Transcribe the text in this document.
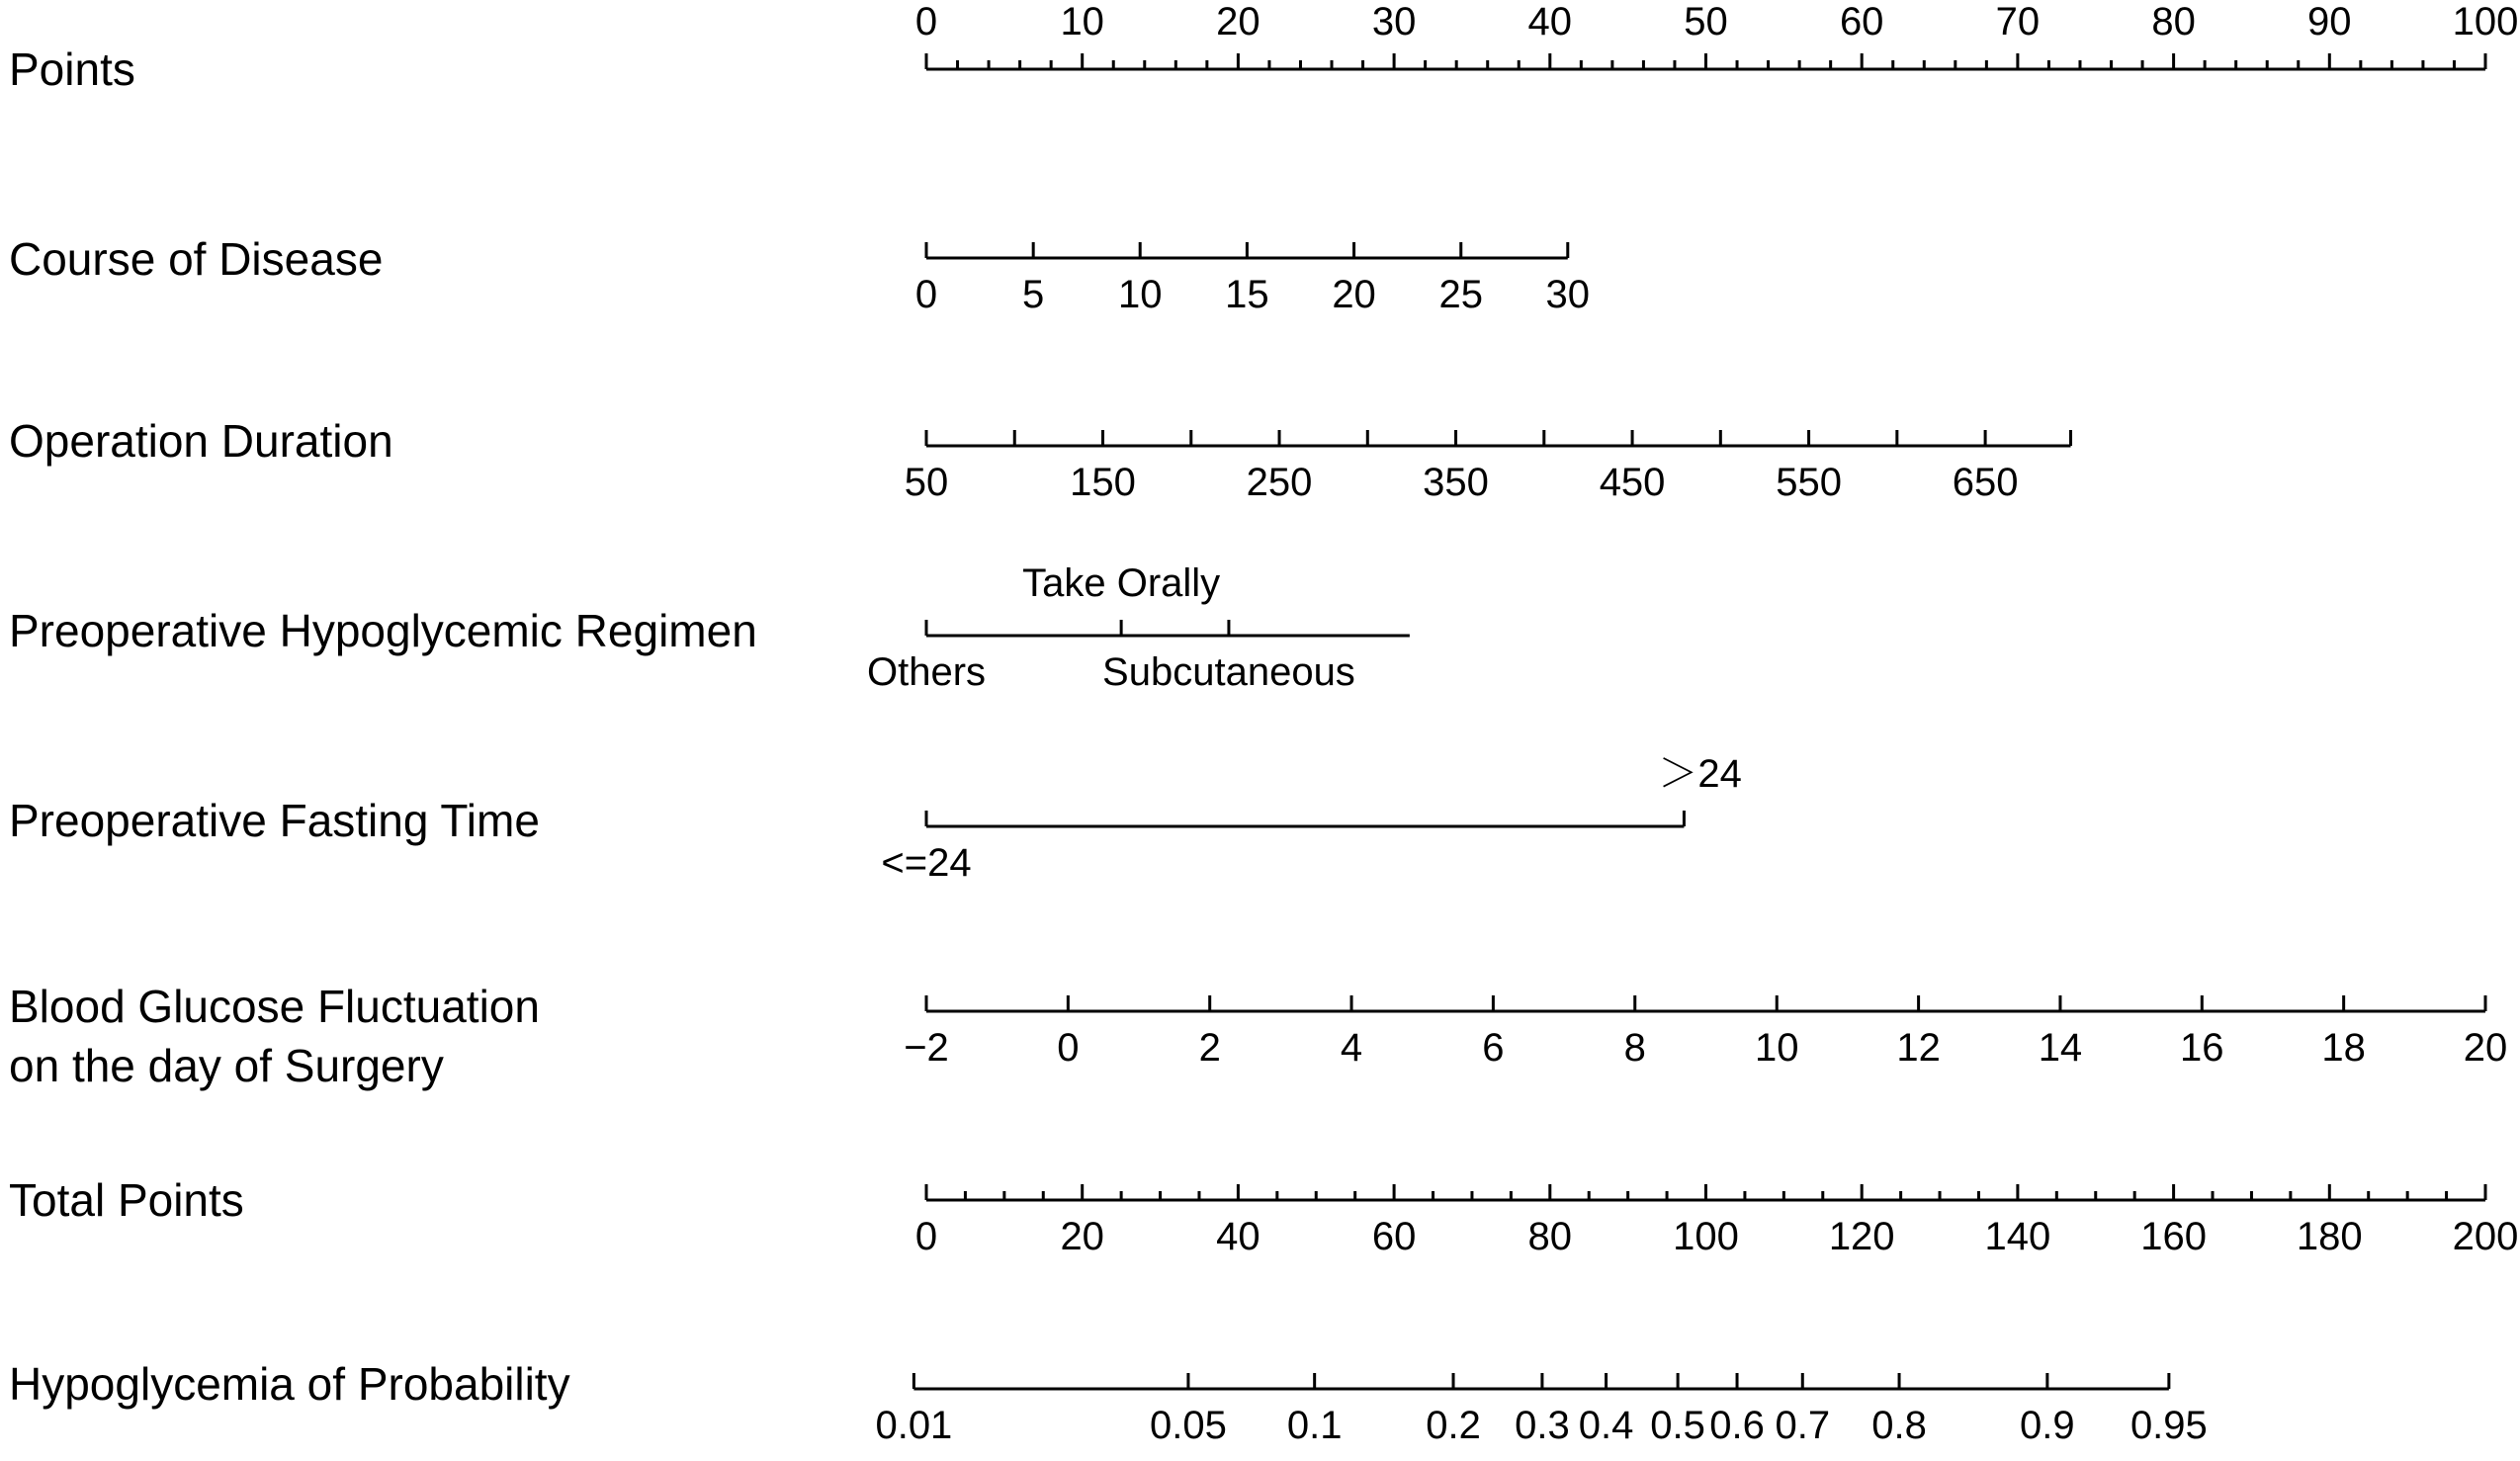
Points
0	10	20	30	40	50	60	70	80	90	100
Course of Disease
0 5 10 15 20 25 30
Operation Duration
50	150	250	350	450	550	650
Preoperative Hypoglycemic Regimen
Others
Take Orally
Subcutaneous
Preoperative Fasting Time
<=24
＞24
Blood Glucose Fluctuation
on the day of Surgery	−2	0	2	4	6	8	10 12 14 16 18 20
Total Points
0	20	40	60	80	100 120 140 160 180 200
Hypoglycemia of Probability
0.01	0.05 0.1 0.2 0.3 0.4 0.5 0.6 0.7 0.8 0.9 0.95
